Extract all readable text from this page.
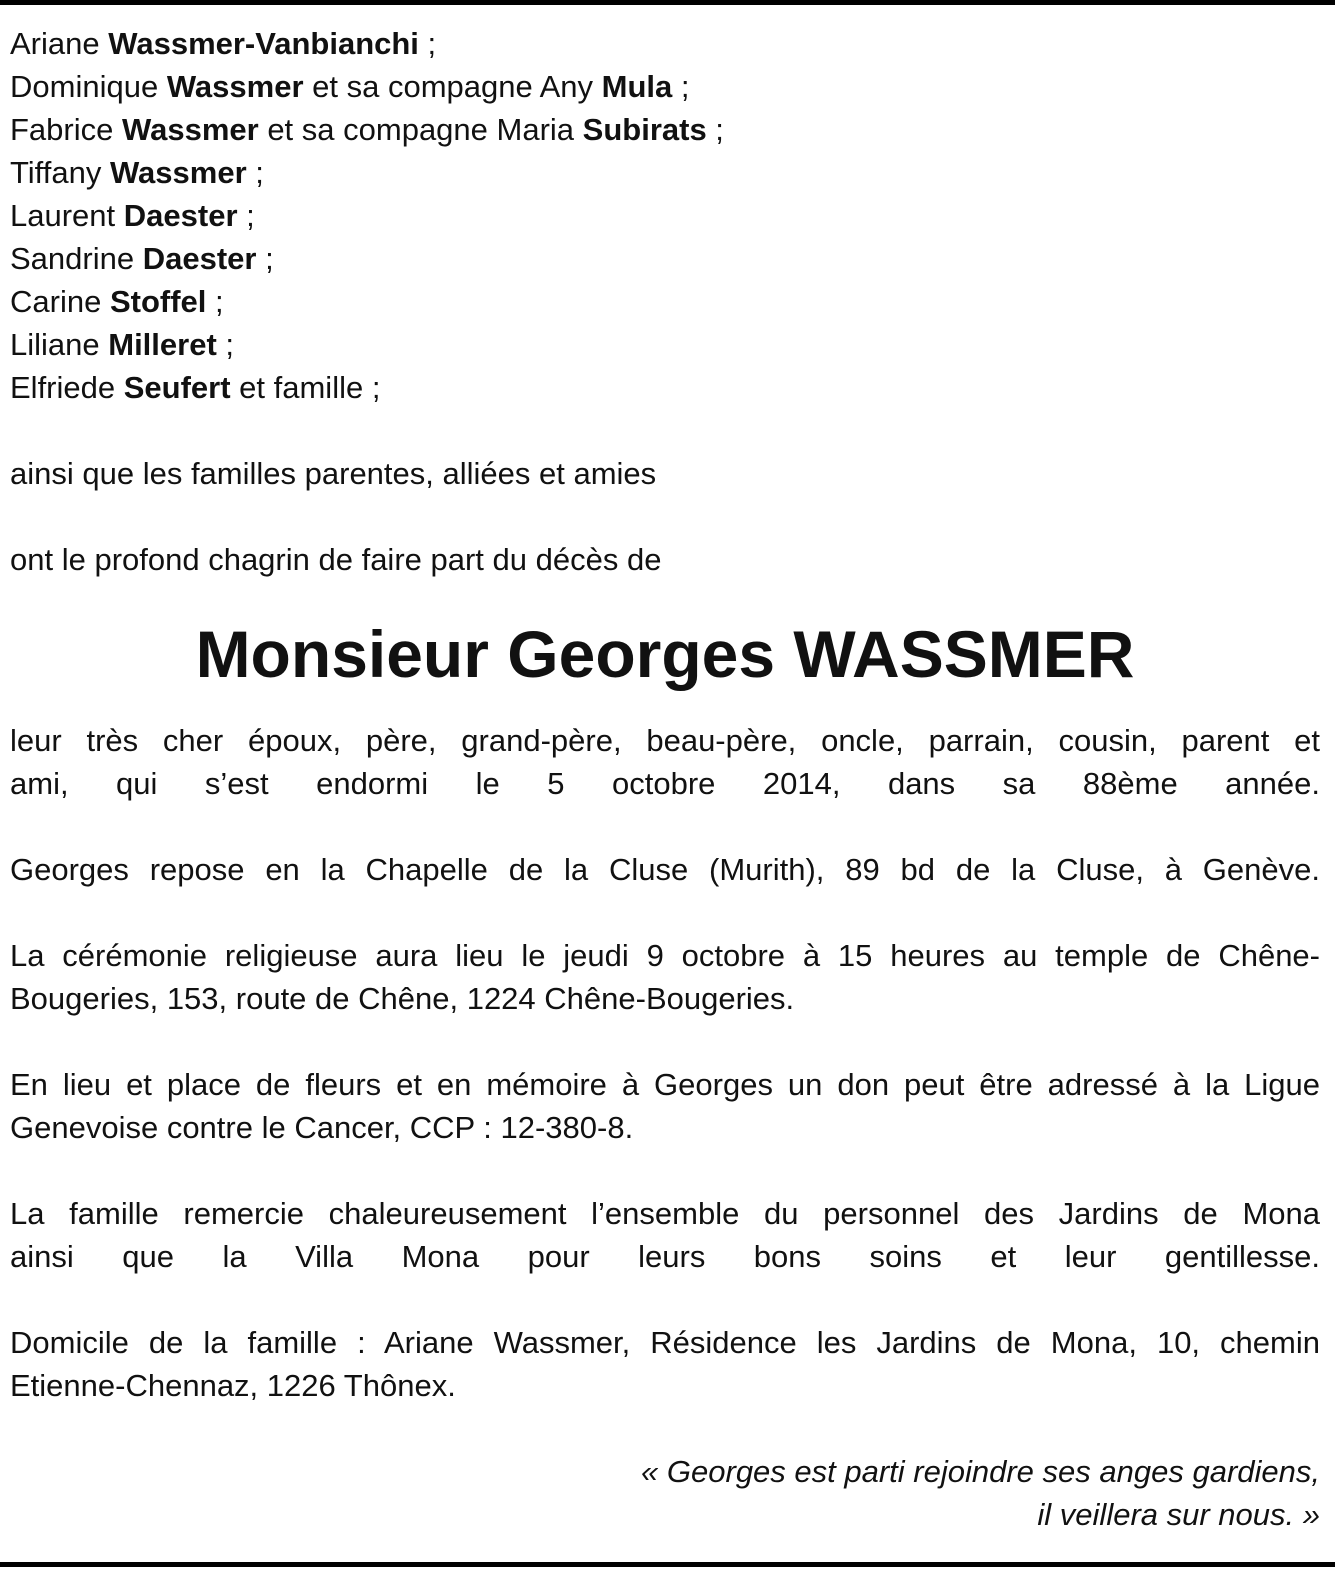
Ariane Wassmer-Vanbianchi ;
Dominique Wassmer et sa compagne Any Mula ;
Fabrice Wassmer et sa compagne Maria Subirats ;
Tiffany Wassmer ;
Laurent Daester ;
Sandrine Daester ;
Carine Stoffel ;
Liliane Milleret ;
Elfriede Seufert et famille ;

ainsi que les familles parentes, alliées et amies

ont le profond chagrin de faire part du décès de

Monsieur Georges WASSMER
leur très cher époux, père, grand-père, beau-père, oncle, parrain, cousin, parent et
ami, qui s’est endormi le 5 octobre 2014, dans sa 88ème année.
Georges repose en la Chapelle de la Cluse (Murith), 89 bd de la Cluse, à Genève.
La cérémonie religieuse aura lieu le jeudi 9 octobre à 15 heures au temple de Chêne-
Bougeries, 153, route de Chêne, 1224 Chêne-Bougeries.
En lieu et place de fleurs et en mémoire à Georges un don peut être adressé à la Ligue
Genevoise contre le Cancer, CCP : 12-380-8.
La famille remercie chaleureusement l’ensemble du personnel des Jardins de Mona
ainsi que la Villa Mona pour leurs bons soins et leur gentillesse.
Domicile de la famille : Ariane Wassmer, Résidence les Jardins de Mona, 10, chemin
Etienne-Chennaz, 1226 Thônex.

« Georges est parti rejoindre ses anges gardiens,

il veillera sur nous. »
